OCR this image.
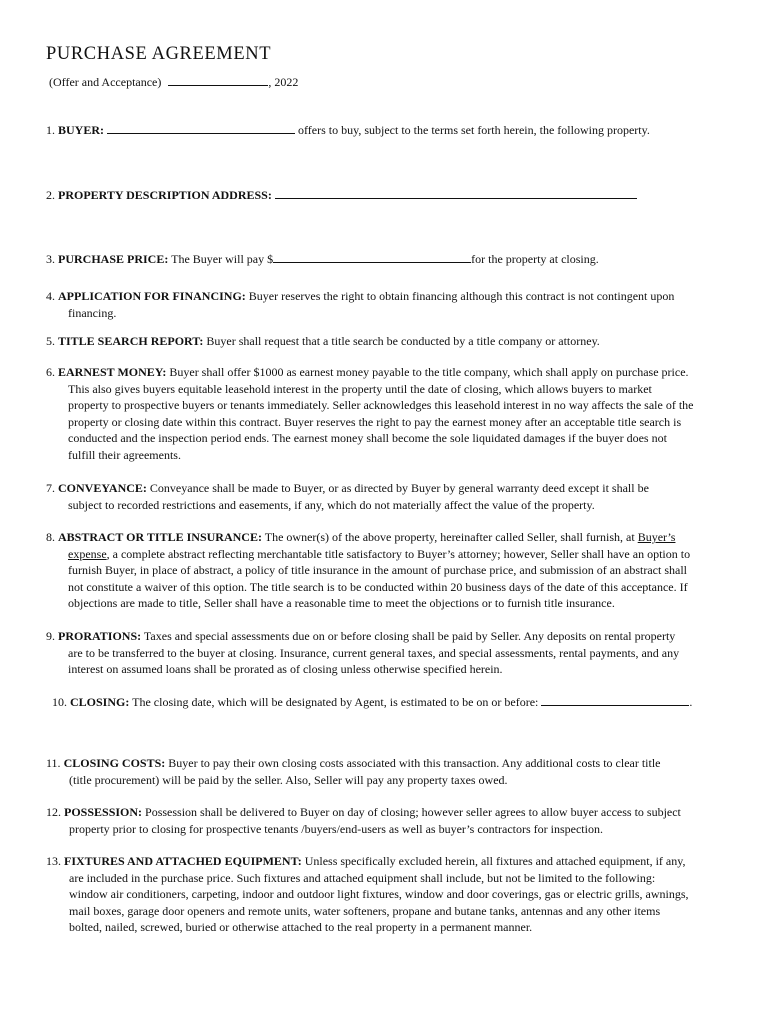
PURCHASE AGREEMENT
(Offer and Acceptance)	, 2022
1. BUYER:	offers to buy, subject to the terms set forth herein, the following property.
2. PROPERTY DESCRIPTION ADDRESS:
3. PURCHASE PRICE: The Buyer will pay $	for the property at closing.
4. APPLICATION FOR FINANCING: Buyer reserves the right to obtain financing although this contract is not contingent upon
financing.
5. TITLE SEARCH REPORT: Buyer shall request that a title search be conducted by a title company or attorney.
6. EARNEST MONEY: Buyer shall offer $1000 as earnest money payable to the title company, which shall apply on purchase price.
This also gives buyers equitable leasehold interest in the property until the date of closing, which allows buyers to market
property to prospective buyers or tenants immediately. Seller acknowledges this leasehold interest in no way affects the sale of the
property or closing date within this contract. Buyer reserves the right to pay the earnest money after an acceptable title search is
conducted and the inspection period ends. The earnest money shall become the sole liquidated damages if the buyer does not
fulfill their agreements.
7. CONVEYANCE: Conveyance shall be made to Buyer, or as directed by Buyer by general warranty deed except it shall be
subject to recorded restrictions and easements, if any, which do not materially affect the value of the property.
8. ABSTRACT OR TITLE INSURANCE: The owner(s) of the above property, hereinafter called Seller, shall furnish, at Buyer’s
expense, a complete abstract reflecting merchantable title satisfactory to Buyer’s attorney; however, Seller shall have an option to
furnish Buyer, in place of abstract, a policy of title insurance in the amount of purchase price, and submission of an abstract shall
not constitute a waiver of this option. The title search is to be conducted within 20 business days of the date of this acceptance. If
objections are made to title, Seller shall have a reasonable time to meet the objections or to furnish title insurance.
9. PRORATIONS: Taxes and special assessments due on or before closing shall be paid by Seller. Any deposits on rental property
are to be transferred to the buyer at closing. Insurance, current general taxes, and special assessments, rental payments, and any
interest on assumed loans shall be prorated as of closing unless otherwise specified herein.
10. CLOSING: The closing date, which will be designated by Agent, is estimated to be on or before:	.
11. CLOSING COSTS: Buyer to pay their own closing costs associated with this transaction. Any additional costs to clear title
(title procurement) will be paid by the seller. Also, Seller will pay any property taxes owed.
12. POSSESSION: Possession shall be delivered to Buyer on day of closing; however seller agrees to allow buyer access to subject
property prior to closing for prospective tenants /buyers/end-users as well as buyer’s contractors for inspection.
13. FIXTURES AND ATTACHED EQUIPMENT: Unless specifically excluded herein, all fixtures and attached equipment, if any,
are included in the purchase price. Such fixtures and attached equipment shall include, but not be limited to the following:
window air conditioners, carpeting, indoor and outdoor light fixtures, window and door coverings, gas or electric grills, awnings,
mail boxes, garage door openers and remote units, water softeners, propane and butane tanks, antennas and any other items
bolted, nailed, screwed, buried or otherwise attached to the real property in a permanent manner.
